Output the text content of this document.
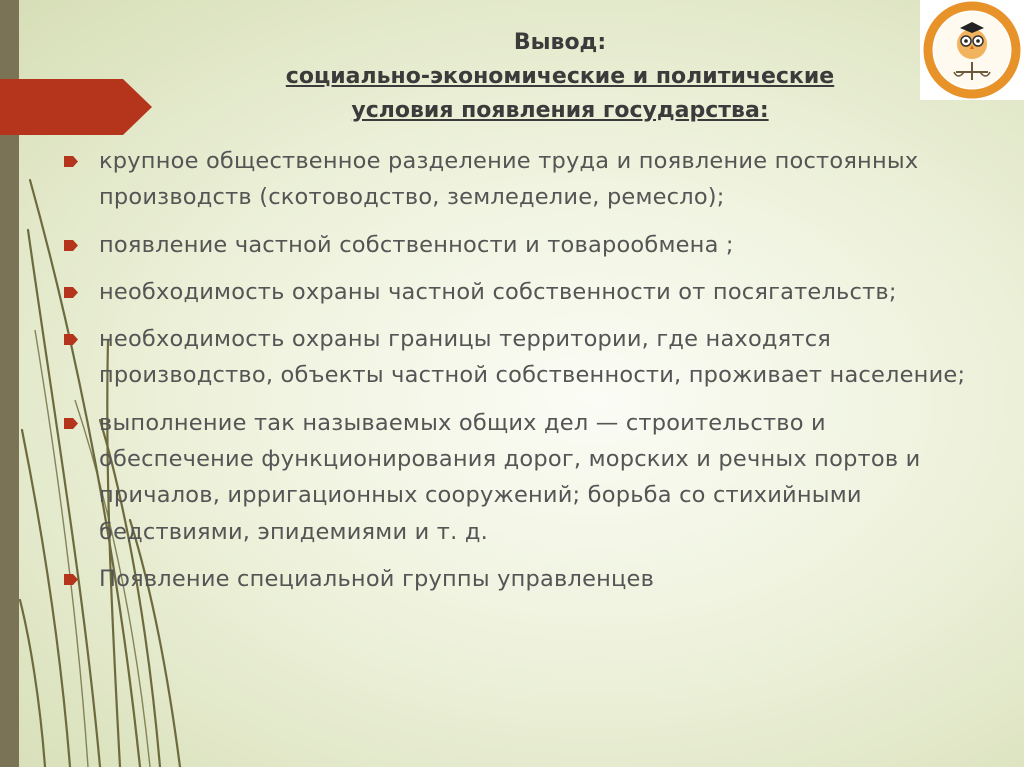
Вывод:
социально-экономические и политические
условия появления государства:
крупное общественное разделение труда и появление постоянных производств (скотоводство, земледелие, ремесло);
появление частной собственности и товарообмена ;
необходимость охраны частной собственности от посягательств;
необходимость охраны границы территории, где находятся производство, объекты частной собственности, проживает население;
выполнение так называемых общих дел — строительство и обеспечение функционирования дорог, морских и речных портов и причалов, ирригационных сооружений; борьба со стихийными бедствиями, эпидемиями и т. д.
Появление специальной группы управленцев
